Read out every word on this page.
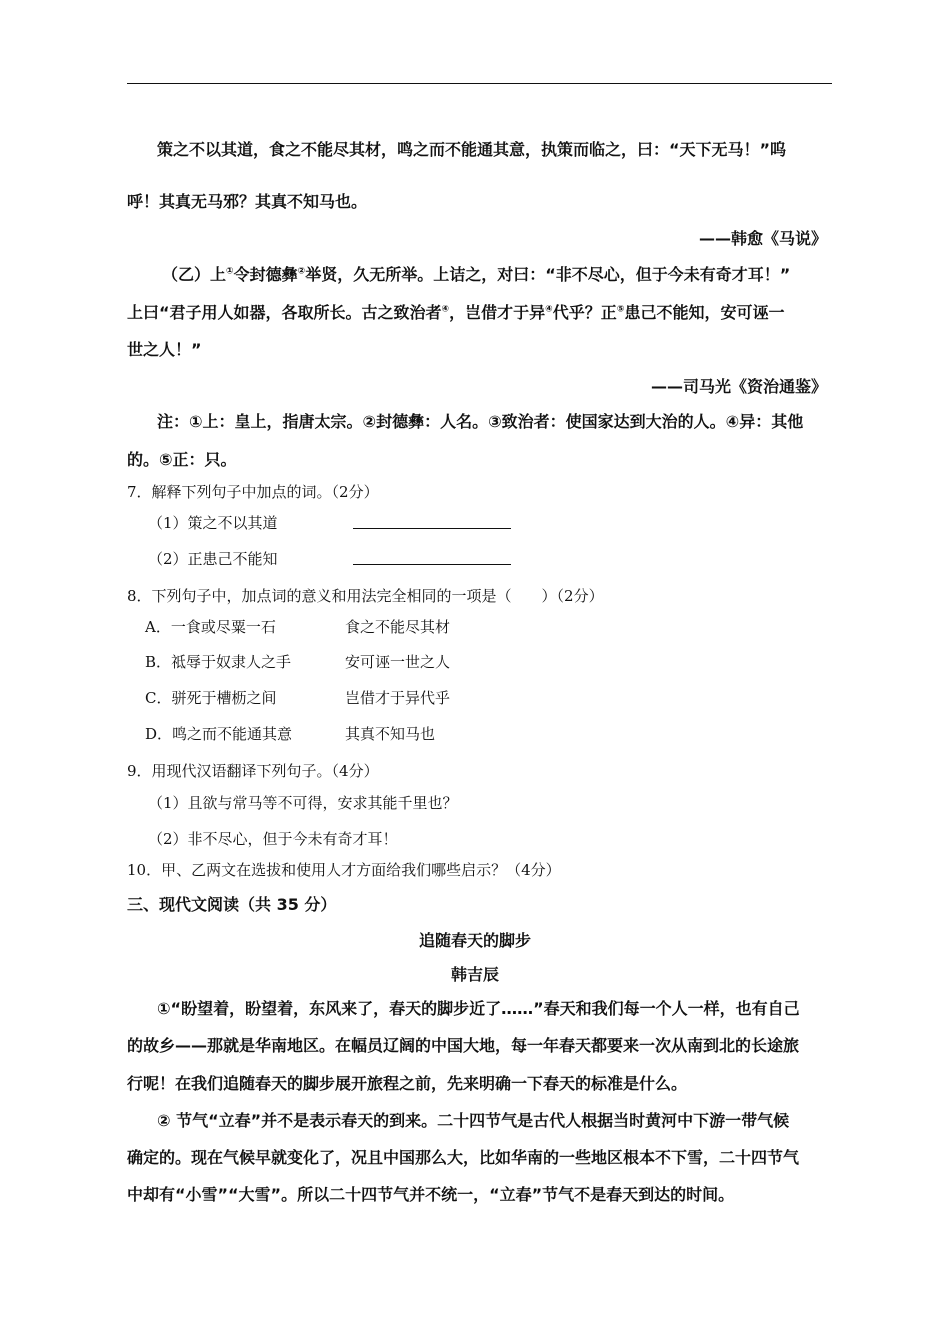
策之不以其道，食之不能尽其材，鸣之而不能通其意，执策而临之，曰：“天下无马！”呜
呼！其真无马邪？其真不知马也。
——韩愈《马说》
（乙）上①令封德彝②举贤，久无所举。上诘之，对曰：“非不尽心，但于今未有奇才耳！”
上曰“君子用人如器，各取所长。古之致治者④，岂借才于异④代乎？正⑤患己不能知，安可诬一
世之人！”
——司马光《资治通鉴》
注：①上：皇上，指唐太宗。②封德彝：人名。③致治者：使国家达到大治的人。④异：其他
的。⑤正：只。
7．解释下列句子中加点的词。（2分）
（1）策之不以其道
（2）正患己不能知
8．下列句子中，加点词的意义和用法完全相同的一项是（　　）（2分）
A．一食或尽粟一石	食之不能尽其材
B．祗辱于奴隶人之手	安可诬一世之人
C．骈死于槽枥之间	岂借才于异代乎
D．鸣之而不能通其意	其真不知马也
9．用现代汉语翻译下列句子。（4分）
（1）且欲与常马等不可得，安求其能千里也？
（2）非不尽心，但于今未有奇才耳！
10．甲、乙两文在选拔和使用人才方面给我们哪些启示？（4分）
三、现代文阅读（共 35 分）
追随春天的脚步
韩吉辰
①“盼望着，盼望着，东风来了，春天的脚步近了……”春天和我们每一个人一样，也有自己
的故乡——那就是华南地区。在幅员辽阔的中国大地，每一年春天都要来一次从南到北的长途旅
行呢！在我们追随春天的脚步展开旅程之前，先来明确一下春天的标准是什么。
② 节气“立春”并不是表示春天的到来。二十四节气是古代人根据当时黄河中下游一带气候
确定的。现在气候早就变化了，况且中国那么大，比如华南的一些地区根本不下雪，二十四节气
中却有“小雪”“大雪”。所以二十四节气并不统一，“立春”节气不是春天到达的时间。
